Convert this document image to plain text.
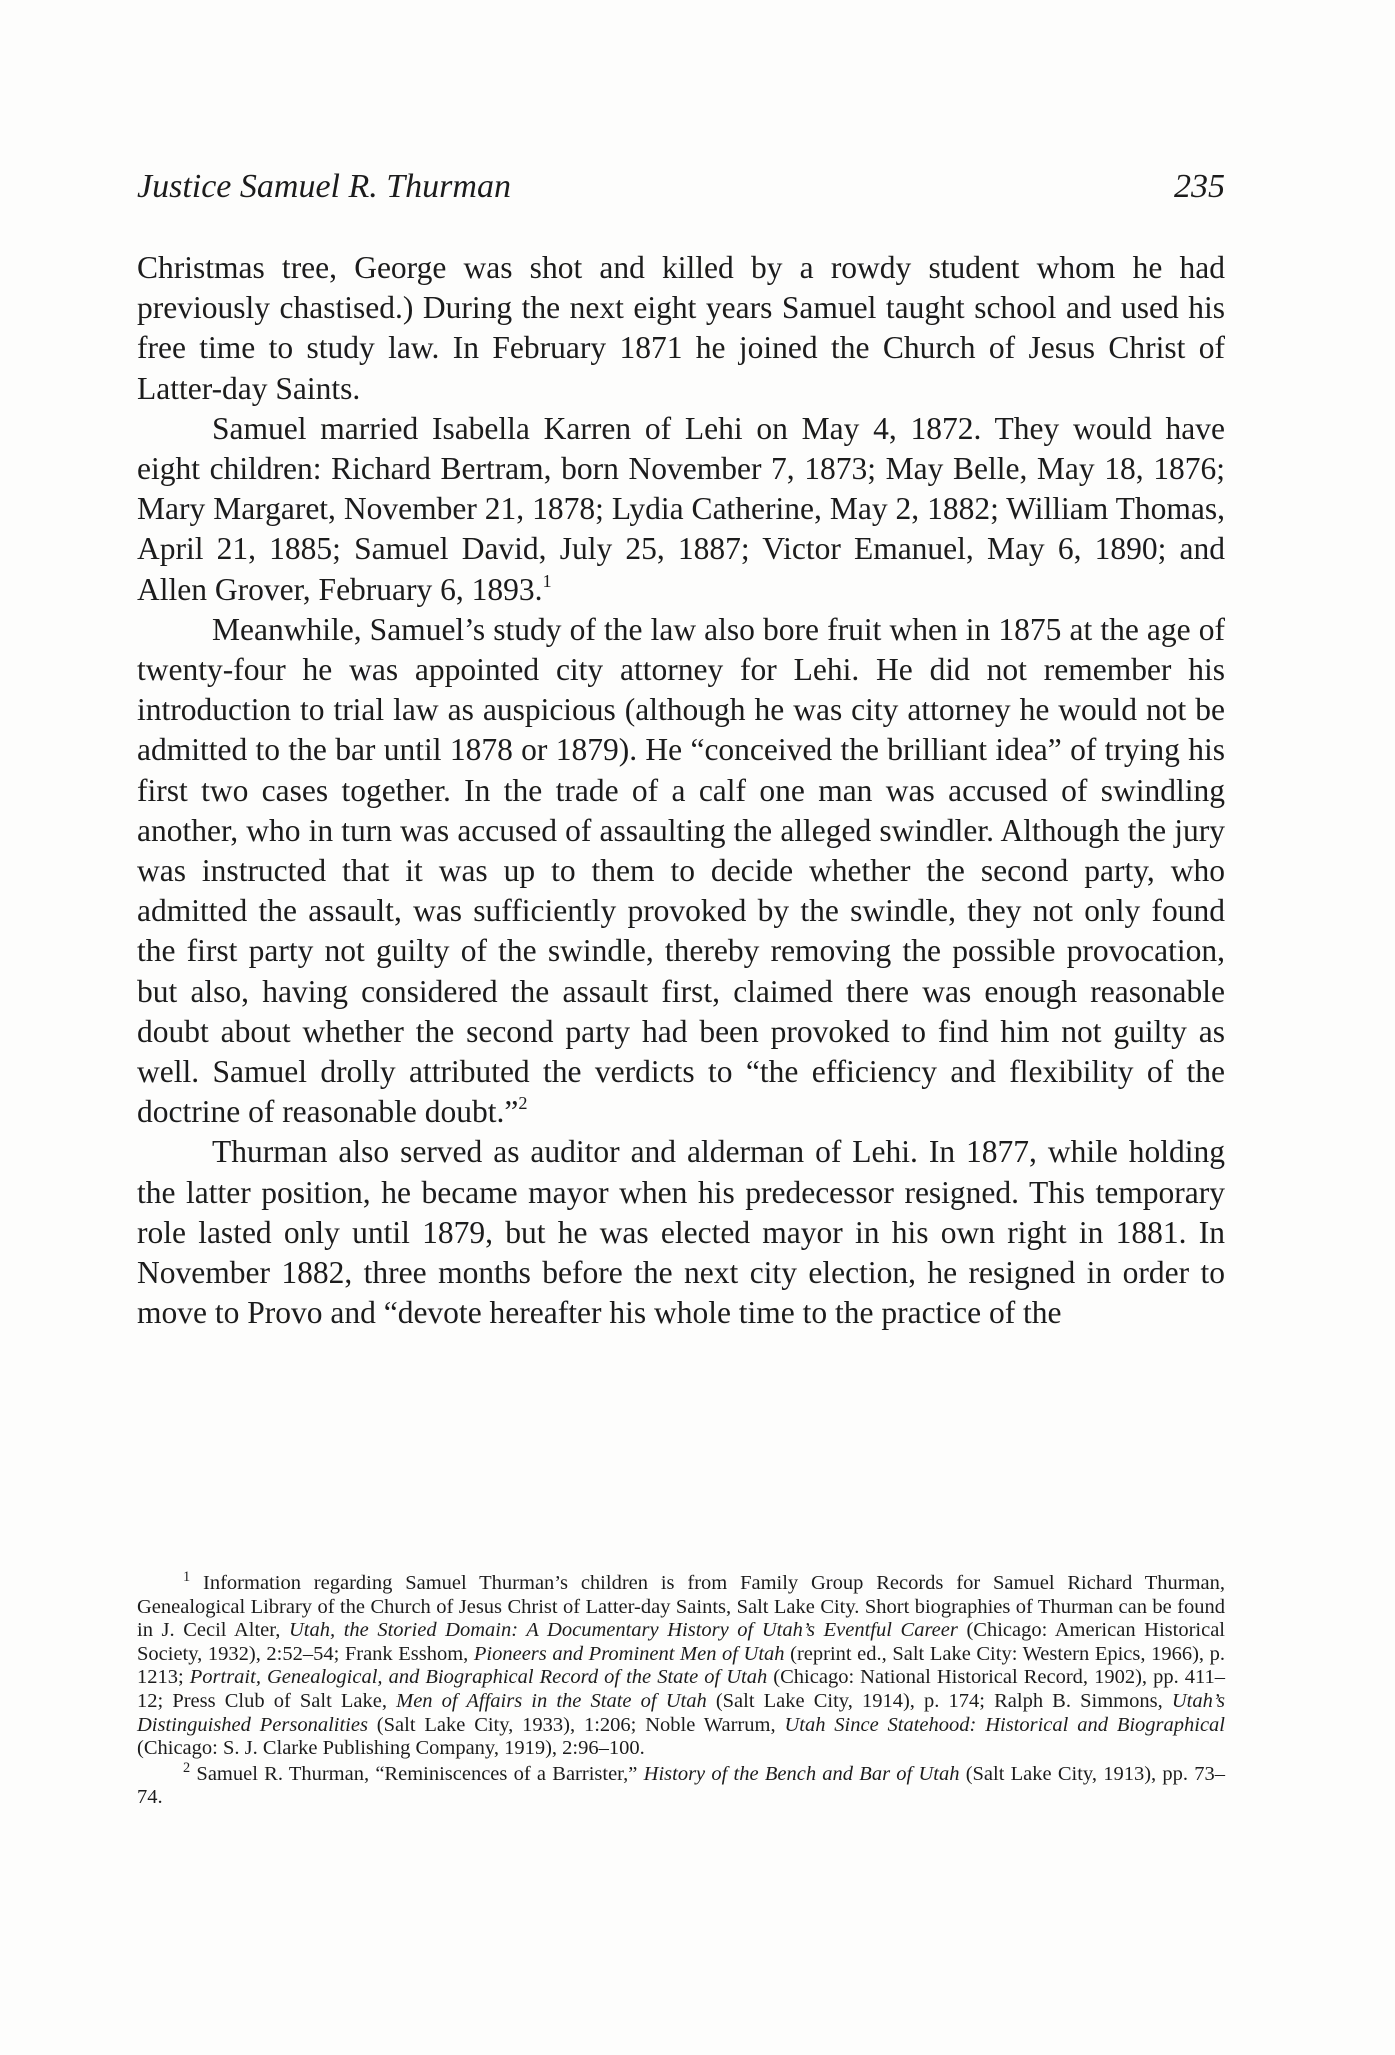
Justice Samuel R. Thurman	235

Christmas tree, George was shot and killed by a rowdy student whom he had previously chastised.) During the next eight years Samuel taught school and used his free time to study law. In February 1871 he joined the Church of Jesus Christ of Latter-day Saints.

Samuel married Isabella Karren of Lehi on May 4, 1872. They would have eight children: Richard Bertram, born November 7, 1873; May Belle, May 18, 1876; Mary Margaret, November 21, 1878; Lydia Catherine, May 2, 1882; William Thomas, April 21, 1885; Samuel David, July 25, 1887; Victor Emanuel, May 6, 1890; and Allen Grover, February 6, 1893.$^1$

Meanwhile, Samuel’s study of the law also bore fruit when in 1875 at the age of twenty-four he was appointed city attorney for Lehi. He did not remember his introduction to trial law as auspicious (although he was city attorney he would not be admitted to the bar until 1878 or 1879). He “conceived the brilliant idea” of trying his first two cases together. In the trade of a calf one man was accused of swindling another, who in turn was accused of assaulting the alleged swindler. Although the jury was instructed that it was up to them to decide whether the second party, who admitted the assault, was sufficiently provoked by the swindle, they not only found the first party not guilty of the swindle, thereby removing the possible provocation, but also, having considered the assault first, claimed there was enough reasonable doubt about whether the second party had been provoked to find him not guilty as well. Samuel drolly attributed the verdicts to “the efficiency and flexibility of the doctrine of reasonable doubt.”$^2$

Thurman also served as auditor and alderman of Lehi. In 1877, while holding the latter position, he became mayor when his predecessor resigned. This temporary role lasted only until 1879, but he was elected mayor in his own right in 1881. In November 1882, three months before the next city election, he resigned in order to move to Provo and “devote hereafter his whole time to the practice of the

$^1$ Information regarding Samuel Thurman’s children is from Family Group Records for Samuel Richard Thurman, Genealogical Library of the Church of Jesus Christ of Latter-day Saints, Salt Lake City. Short biographies of Thurman can be found in J. Cecil Alter, Utah, the Storied Domain: A Documentary History of Utah’s Eventful Career (Chicago: American Historical Society, 1932), 2:52–54; Frank Esshom, Pioneers and Prominent Men of Utah (reprint ed., Salt Lake City: Western Epics, 1966), p. 1213; Portrait, Genealogical, and Biographical Record of the State of Utah (Chicago: National Historical Record, 1902), pp. 411–12; Press Club of Salt Lake, Men of Affairs in the State of Utah (Salt Lake City, 1914), p. 174; Ralph B. Simmons, Utah’s Distinguished Personalities (Salt Lake City, 1933), 1:206; Noble Warrum, Utah Since Statehood: Historical and Biographical (Chicago: S. J. Clarke Publishing Company, 1919), 2:96–100.

$^2$ Samuel R. Thurman, “Reminiscences of a Barrister,” History of the Bench and Bar of Utah (Salt Lake City, 1913), pp. 73–74.
